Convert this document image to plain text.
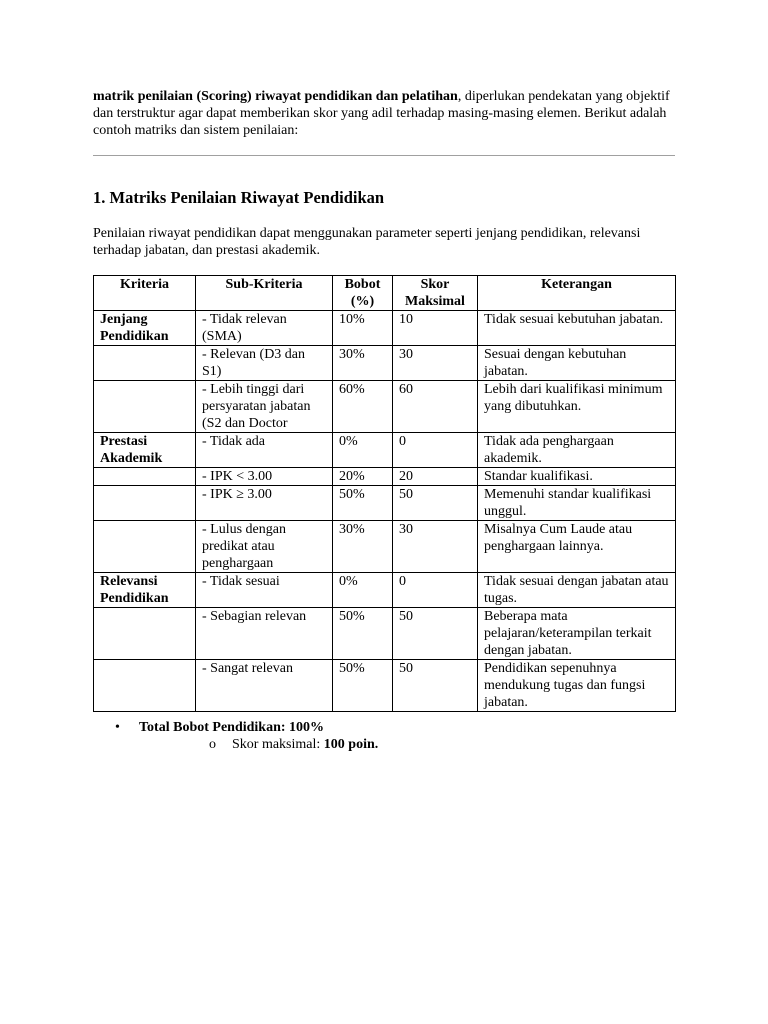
matrik penilaian (Scoring) riwayat pendidikan dan pelatihan, diperlukan pendekatan yang objektif dan terstruktur agar dapat memberikan skor yang adil terhadap masing-masing elemen. Berikut adalah contoh matriks dan sistem penilaian:

1. Matriks Penilaian Riwayat Pendidikan

Penilaian riwayat pendidikan dapat menggunakan parameter seperti jenjang pendidikan, relevansi terhadap jabatan, dan prestasi akademik.

Kriteria	Sub-Kriteria	Bobot (%)	Skor Maksimal	Keterangan
Jenjang Pendidikan	- Tidak relevan (SMA)	10%	10	Tidak sesuai kebutuhan jabatan.
	- Relevan (D3 dan S1)	30%	30	Sesuai dengan kebutuhan jabatan.
	- Lebih tinggi dari persyaratan jabatan (S2 dan Doctor	60%	60	Lebih dari kualifikasi minimum yang dibutuhkan.
Prestasi Akademik	- Tidak ada	0%	0	Tidak ada penghargaan akademik.
	- IPK < 3.00	20%	20	Standar kualifikasi.
	- IPK ≥ 3.00	50%	50	Memenuhi standar kualifikasi unggul.
	- Lulus dengan predikat atau penghargaan	30%	30	Misalnya Cum Laude atau penghargaan lainnya.
Relevansi Pendidikan	- Tidak sesuai	0%	0	Tidak sesuai dengan jabatan atau tugas.
	- Sebagian relevan	50%	50	Beberapa mata pelajaran/keterampilan terkait dengan jabatan.
	- Sangat relevan	50%	50	Pendidikan sepenuhnya mendukung tugas dan fungsi jabatan.
• Total Bobot Pendidikan: 100%
o Skor maksimal: 100 poin.
